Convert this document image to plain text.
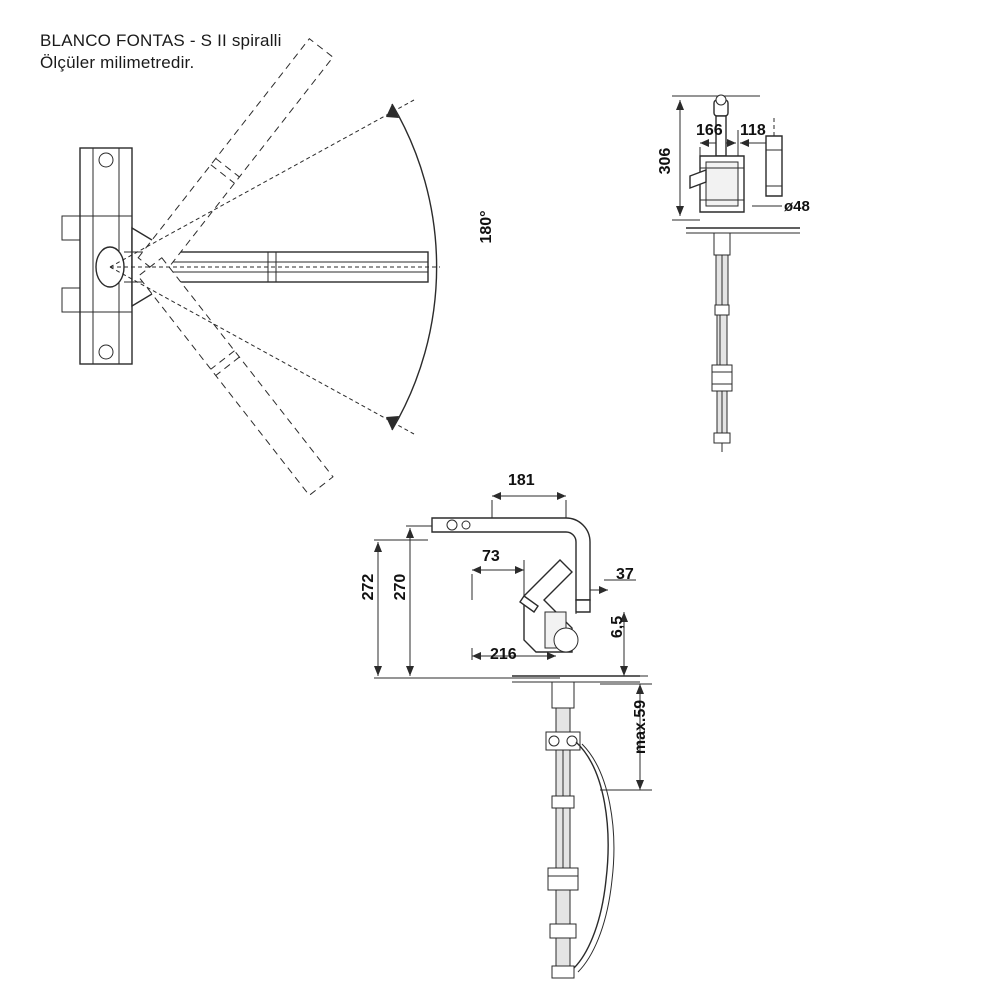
BLANCO FONTAS - S II spiralli
Ölçüler milimetredir.
180°
306
166 118
ø48
181
272 270
73
37
216
6,5
max.59
